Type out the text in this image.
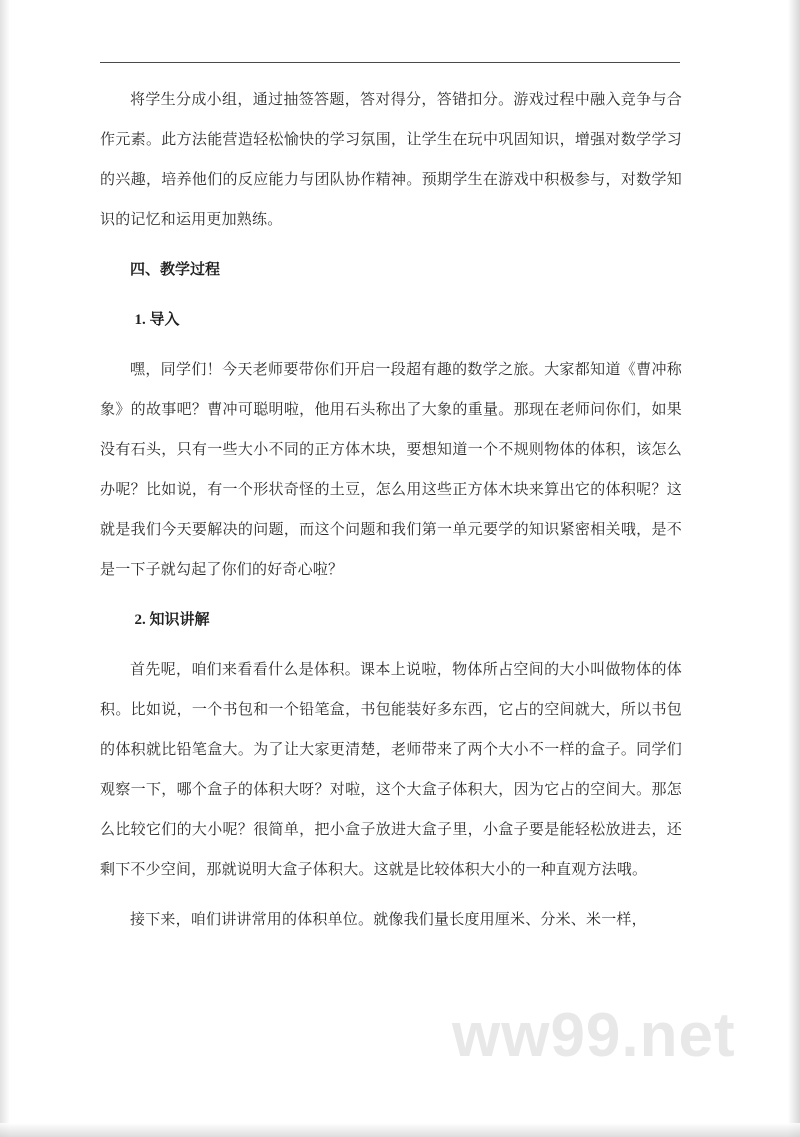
将学生分成小组，通过抽签答题，答对得分，答错扣分。游戏过程中融入竞争与合作元素。此方法能营造轻松愉快的学习氛围，让学生在玩中巩固知识，增强对数学学习的兴趣，培养他们的反应能力与团队协作精神。预期学生在游戏中积极参与，对数学知识的记忆和运用更加熟练。

四、教学过程

1. 导入

嘿，同学们！今天老师要带你们开启一段超有趣的数学之旅。大家都知道《曹冲称象》的故事吧？曹冲可聪明啦，他用石头称出了大象的重量。那现在老师问你们，如果没有石头，只有一些大小不同的正方体木块，要想知道一个不规则物体的体积，该怎么办呢？比如说，有一个形状奇怪的土豆，怎么用这些正方体木块来算出它的体积呢？这就是我们今天要解决的问题，而这个问题和我们第一单元要学的知识紧密相关哦，是不是一下子就勾起了你们的好奇心啦？

2. 知识讲解

首先呢，咱们来看看什么是体积。课本上说啦，物体所占空间的大小叫做物体的体积。比如说，一个书包和一个铅笔盒，书包能装好多东西，它占的空间就大，所以书包的体积就比铅笔盒大。为了让大家更清楚，老师带来了两个大小不一样的盒子。同学们观察一下，哪个盒子的体积大呀？对啦，这个大盒子体积大，因为它占的空间大。那怎么比较它们的大小呢？很简单，把小盒子放进大盒子里，小盒子要是能轻松放进去，还剩下不少空间，那就说明大盒子体积大。这就是比较体积大小的一种直观方法哦。

接下来，咱们讲讲常用的体积单位。就像我们量长度用厘米、分米、米一样，

ww99.net
